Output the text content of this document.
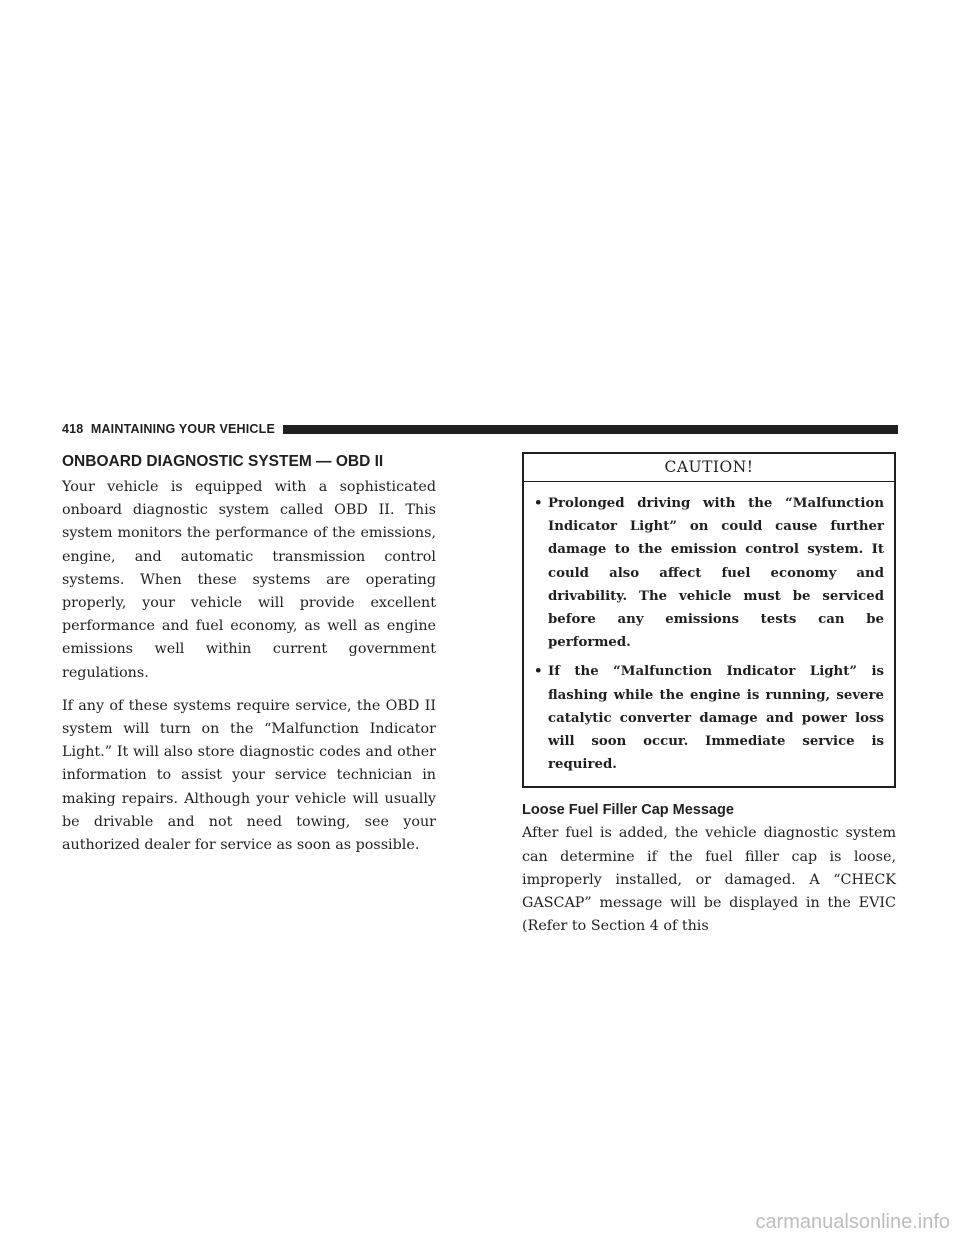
418 MAINTAINING YOUR VEHICLE
ONBOARD DIAGNOSTIC SYSTEM — OBD II

Your vehicle is equipped with a sophisticated onboard diagnostic system called OBD II. This system monitors the performance of the emissions, engine, and automatic transmission control systems. When these systems are operating properly, your vehicle will provide excellent performance and fuel economy, as well as engine emissions well within current government regulations.

If any of these systems require service, the OBD II system will turn on the “Malfunction Indicator Light.” It will also store diagnostic codes and other information to assist your service technician in making repairs. Although your vehicle will usually be drivable and not need towing, see your authorized dealer for service as soon as possible.

CAUTION!
• Prolonged driving with the “Malfunction Indicator Light” on could cause further damage to the emission control system. It could also affect fuel economy and drivability. The vehicle must be serviced before any emissions tests can be performed.
• If the “Malfunction Indicator Light” is flashing while the engine is running, severe catalytic converter damage and power loss will soon occur. Immediate service is required.
Loose Fuel Filler Cap Message

After fuel is added, the vehicle diagnostic system can determine if the fuel filler cap is loose, improperly installed, or damaged. A “CHECK GASCAP” message will be displayed in the EVIC (Refer to Section 4 of this

carmanualsonline.info
